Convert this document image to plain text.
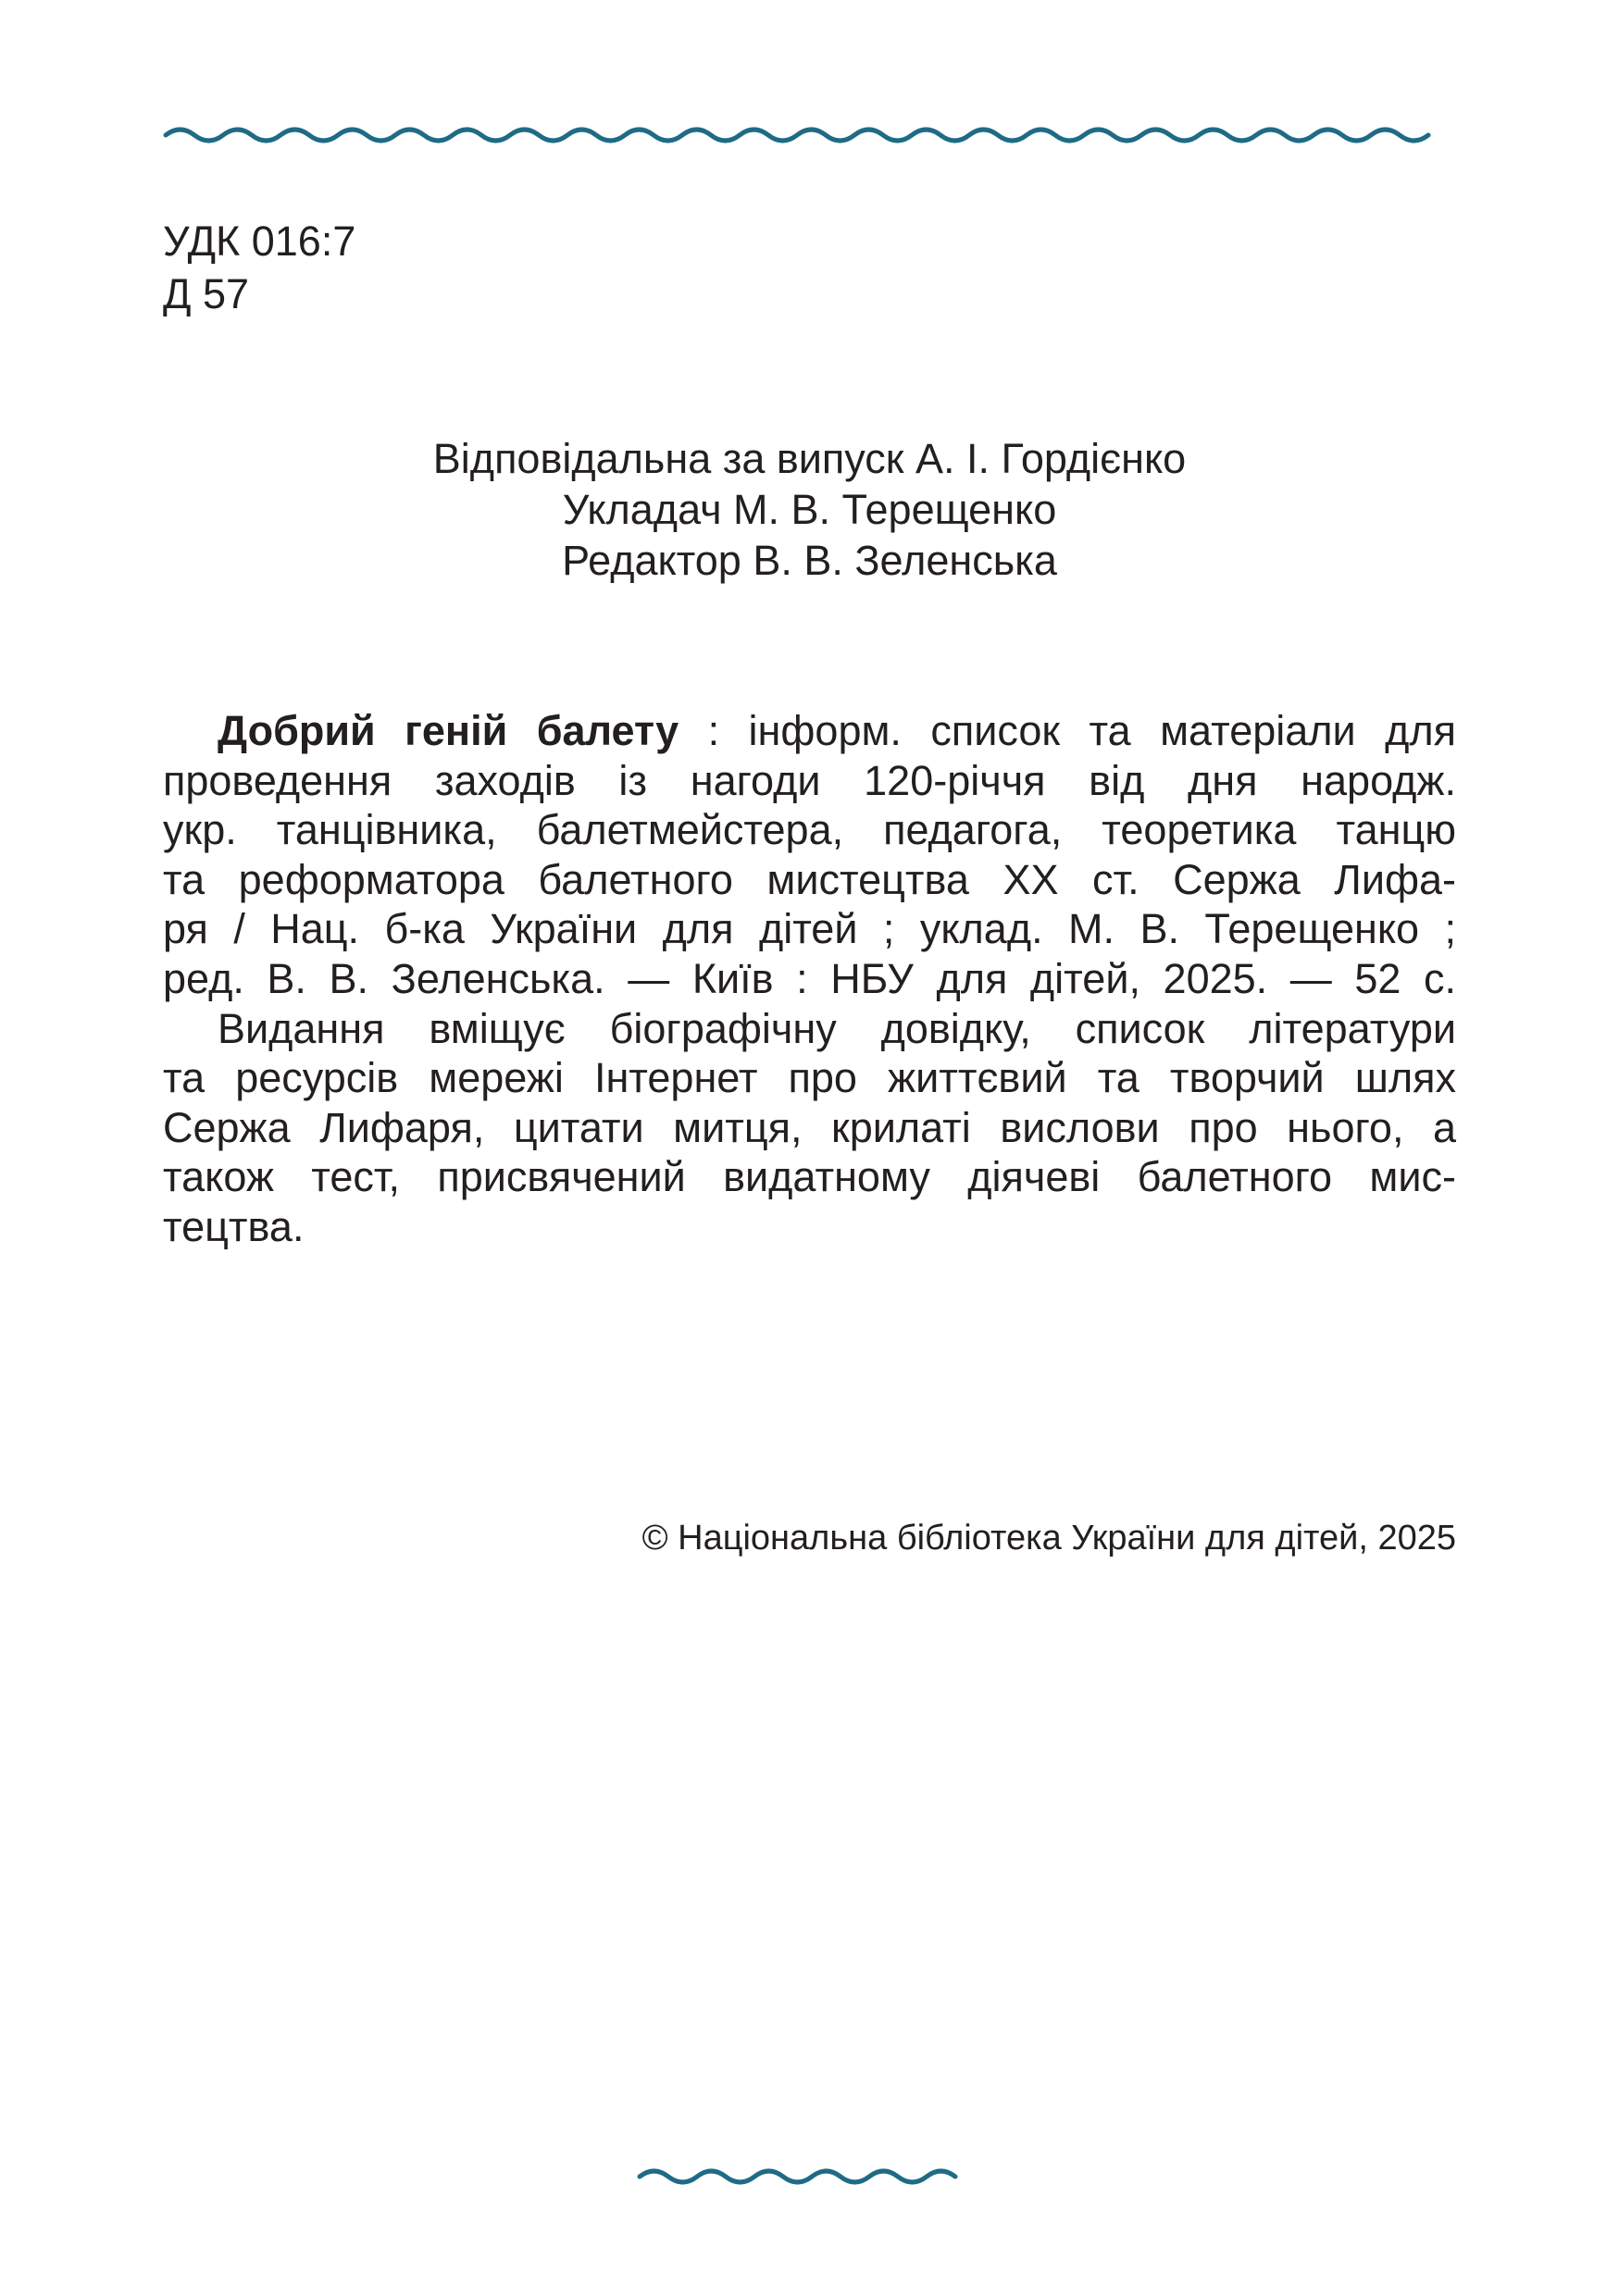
УДК 016:7
Д 57
Відповідальна за випуск А. І. Гордієнко
Укладач М. В. Терещенко
Редактор В. В. Зеленська
Добрий геній балету : інформ. список та матеріали для
проведення заходів із нагоди 120-річчя від дня народж.
укр. танцівника, балетмейстера, педагога, теоретика танцю
та реформатора балетного мистецтва XX ст. Сержа Лифа-
ря / Нац. б-ка України для дітей ; уклад. М. В. Терещенко ;
ред. В. В. Зеленська. — Київ : НБУ для дітей, 2025. — 52 с.
Видання вміщує біографічну довідку, список літератури
та ресурсів мережі Інтернет про життєвий та творчий шлях
Сержа Лифаря, цитати митця, крилаті вислови про нього, а
також тест, присвячений видатному діячеві балетного мис-
тецтва.
© Національна бібліотека України для дітей, 2025
